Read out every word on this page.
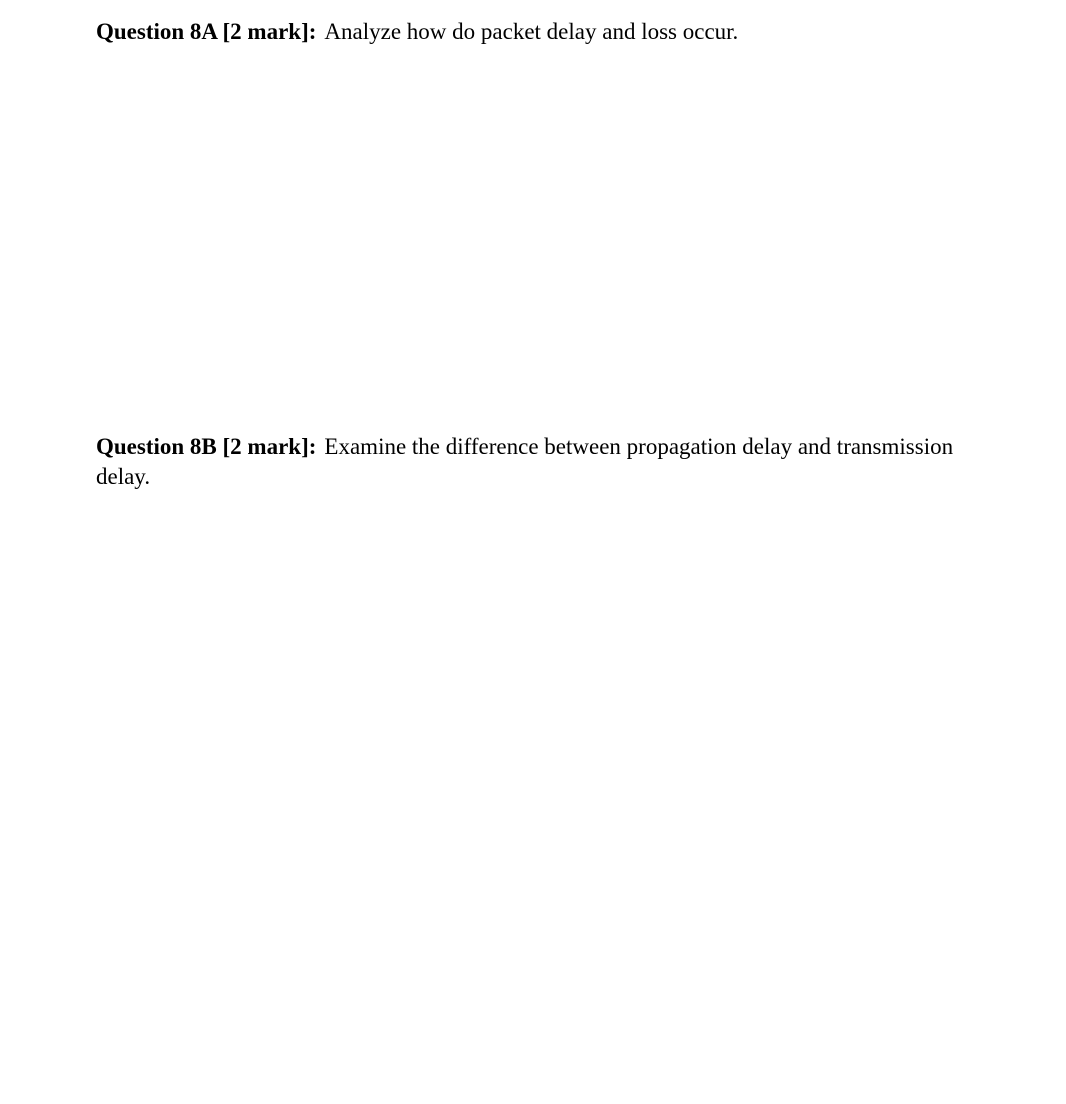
Question 8A [2 mark]: Analyze how do packet delay and loss occur.

Question 8B [2 mark]: Examine the difference between propagation delay and transmission delay.
